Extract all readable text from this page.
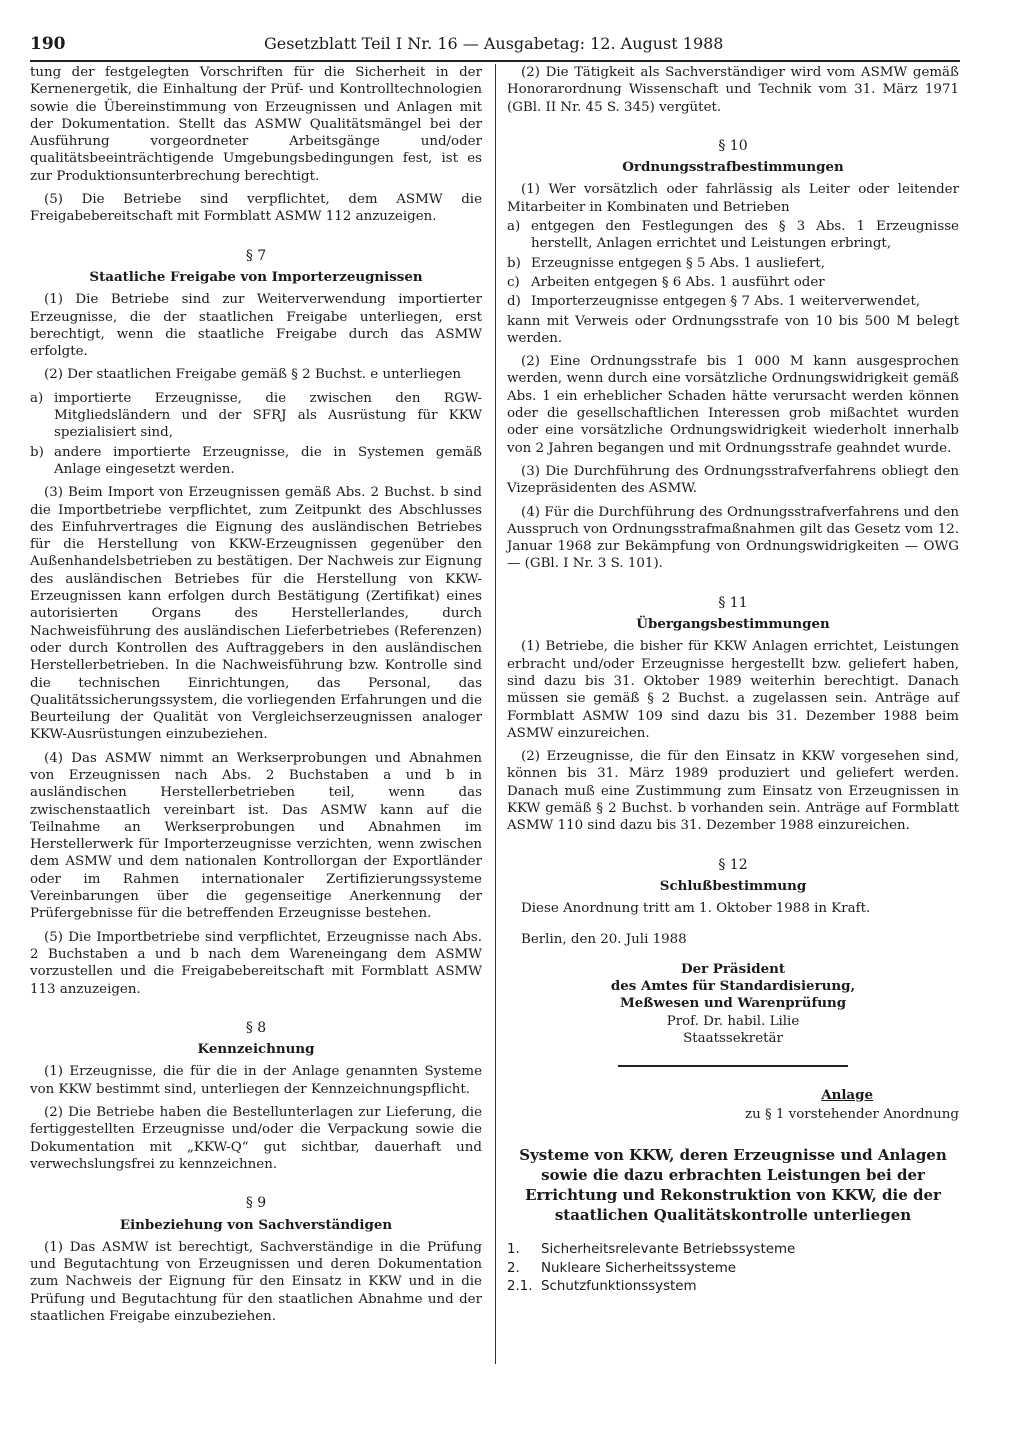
190	Gesetzblatt Teil I Nr. 16 — Ausgabetag: 12. August 1988

tung der festgelegten Vorschriften für die Sicherheit in der Kernenergetik, die Einhaltung der Prüf- und Kontrolltechnologien sowie die Übereinstimmung von Erzeugnissen und Anlagen mit der Dokumentation. Stellt das ASMW Qualitätsmängel bei der Ausführung vorgeordneter Arbeitsgänge und/oder qualitätsbeeinträchtigende Umgebungsbedingungen fest, ist es zur Produktionsunterbrechung berechtigt.

(5) Die Betriebe sind verpflichtet, dem ASMW die Freigabebereitschaft mit Formblatt ASMW 112 anzuzeigen.

§ 7
Staatliche Freigabe von Importerzeugnissen

(1) Die Betriebe sind zur Weiterverwendung importierter Erzeugnisse, die der staatlichen Freigabe unterliegen, erst berechtigt, wenn die staatliche Freigabe durch das ASMW erfolgte.

(2) Der staatlichen Freigabe gemäß § 2 Buchst. e unterliegen

a) importierte Erzeugnisse, die zwischen den RGW-Mitgliedsländern und der SFRJ als Ausrüstung für KKW spezialisiert sind,
b) andere importierte Erzeugnisse, die in Systemen gemäß Anlage eingesetzt werden.

(3) Beim Import von Erzeugnissen gemäß Abs. 2 Buchst. b sind die Importbetriebe verpflichtet, zum Zeitpunkt des Abschlusses des Einfuhrvertrages die Eignung des ausländischen Betriebes für die Herstellung von KKW-Erzeugnissen gegenüber den Außenhandelsbetrieben zu bestätigen. Der Nachweis zur Eignung des ausländischen Betriebes für die Herstellung von KKW-Erzeugnissen kann erfolgen durch Bestätigung (Zertifikat) eines autorisierten Organs des Herstellerlandes, durch Nachweisführung des ausländischen Lieferbetriebes (Referenzen) oder durch Kontrollen des Auftraggebers in den ausländischen Herstellerbetrieben. In die Nachweisführung bzw. Kontrolle sind die technischen Einrichtungen, das Personal, das Qualitätssicherungssystem, die vorliegenden Erfahrungen und die Beurteilung der Qualität von Vergleichserzeugnissen analoger KKW-Ausrüstungen einzubeziehen.

(4) Das ASMW nimmt an Werkserprobungen und Abnahmen von Erzeugnissen nach Abs. 2 Buchstaben a und b in ausländischen Herstellerbetrieben teil, wenn das zwischenstaatlich vereinbart ist. Das ASMW kann auf die Teilnahme an Werkserprobungen und Abnahmen im Herstellerwerk für Importerzeugnisse verzichten, wenn zwischen dem ASMW und dem nationalen Kontrollorgan der Exportländer oder im Rahmen internationaler Zertifizierungssysteme Vereinbarungen über die gegenseitige Anerkennung der Prüfergebnisse für die betreffenden Erzeugnisse bestehen.

(5) Die Importbetriebe sind verpflichtet, Erzeugnisse nach Abs. 2 Buchstaben a und b nach dem Wareneingang dem ASMW vorzustellen und die Freigabebereitschaft mit Formblatt ASMW 113 anzuzeigen.

§ 8
Kennzeichnung

(1) Erzeugnisse, die für die in der Anlage genannten Systeme von KKW bestimmt sind, unterliegen der Kennzeichnungspflicht.

(2) Die Betriebe haben die Bestellunterlagen zur Lieferung, die fertiggestellten Erzeugnisse und/oder die Verpackung sowie die Dokumentation mit „KKW-Q“ gut sichtbar, dauerhaft und verwechslungsfrei zu kennzeichnen.

§ 9
Einbeziehung von Sachverständigen

(1) Das ASMW ist berechtigt, Sachverständige in die Prüfung und Begutachtung von Erzeugnissen und deren Dokumentation zum Nachweis der Eignung für den Einsatz in KKW und in die Prüfung und Begutachtung für den staatlichen Abnahme und der staatlichen Freigabe einzubeziehen.

(2) Die Tätigkeit als Sachverständiger wird vom ASMW gemäß Honorarordnung Wissenschaft und Technik vom 31. März 1971 (GBl. II Nr. 45 S. 345) vergütet.

§ 10
Ordnungsstrafbestimmungen

(1) Wer vorsätzlich oder fahrlässig als Leiter oder leitender Mitarbeiter in Kombinaten und Betrieben

a) entgegen den Festlegungen des § 3 Abs. 1 Erzeugnisse herstellt, Anlagen errichtet und Leistungen erbringt,
b) Erzeugnisse entgegen § 5 Abs. 1 ausliefert,
c) Arbeiten entgegen § 6 Abs. 1 ausführt oder
d) Importerzeugnisse entgegen § 7 Abs. 1 weiterverwendet,

kann mit Verweis oder Ordnungsstrafe von 10 bis 500 M belegt werden.

(2) Eine Ordnungsstrafe bis 1 000 M kann ausgesprochen werden, wenn durch eine vorsätzliche Ordnungswidrigkeit gemäß Abs. 1 ein erheblicher Schaden hätte verursacht werden können oder die gesellschaftlichen Interessen grob mißachtet wurden oder eine vorsätzliche Ordnungswidrigkeit wiederholt innerhalb von 2 Jahren begangen und mit Ordnungsstrafe geahndet wurde.

(3) Die Durchführung des Ordnungsstrafverfahrens obliegt den Vizepräsidenten des ASMW.

(4) Für die Durchführung des Ordnungsstrafverfahrens und den Ausspruch von Ordnungsstrafmaßnahmen gilt das Gesetz vom 12. Januar 1968 zur Bekämpfung von Ordnungswidrigkeiten — OWG — (GBl. I Nr. 3 S. 101).

§ 11
Übergangsbestimmungen

(1) Betriebe, die bisher für KKW Anlagen errichtet, Leistungen erbracht und/oder Erzeugnisse hergestellt bzw. geliefert haben, sind dazu bis 31. Oktober 1989 weiterhin berechtigt. Danach müssen sie gemäß § 2 Buchst. a zugelassen sein. Anträge auf Formblatt ASMW 109 sind dazu bis 31. Dezember 1988 beim ASMW einzureichen.

(2) Erzeugnisse, die für den Einsatz in KKW vorgesehen sind, können bis 31. März 1989 produziert und geliefert werden. Danach muß eine Zustimmung zum Einsatz von Erzeugnissen in KKW gemäß § 2 Buchst. b vorhanden sein. Anträge auf Formblatt ASMW 110 sind dazu bis 31. Dezember 1988 einzureichen.

§ 12
Schlußbestimmung

Diese Anordnung tritt am 1. Oktober 1988 in Kraft.

Berlin, den 20. Juli 1988

Der Präsident
des Amtes für Standardisierung,
Meßwesen und Warenprüfung
Prof. Dr. habil. Lilie
Staatssekretär
Anlage
zu § 1 vorstehender Anordnung
Systeme von KKW, deren Erzeugnisse und Anlagen sowie die dazu erbrachten Leistungen bei der Errichtung und Rekonstruktion von KKW, die der staatlichen Qualitätskontrolle unterliegen
1.	Sicherheitsrelevante Betriebssysteme
2.	Nukleare Sicherheitssysteme
2.1. Schutzfunktionssystem
